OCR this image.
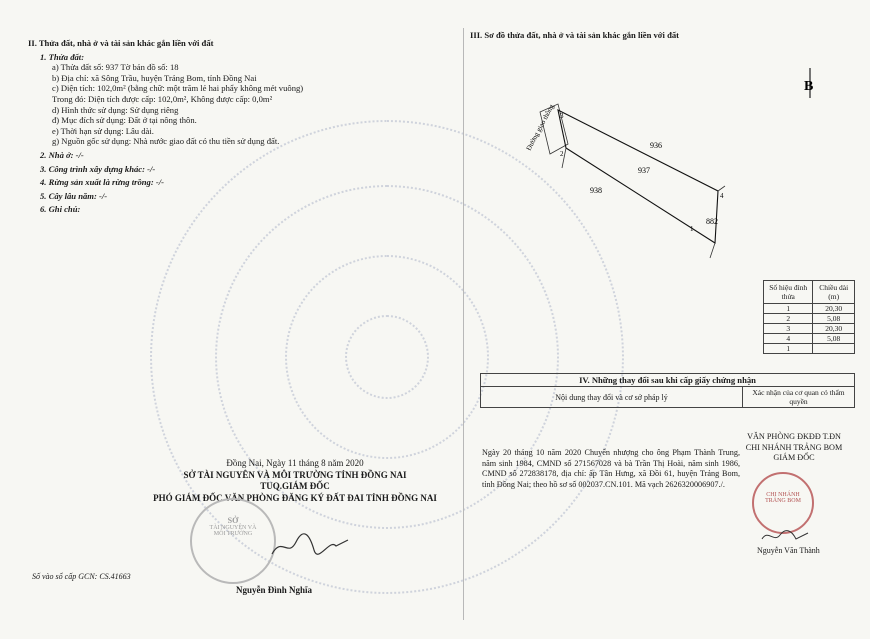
II. Thửa đất, nhà ở và tài sản khác gắn liền với đất
1. Thửa đất:
a) Thửa đất số: 937 Tờ bản đồ số: 18
b) Địa chỉ: xã Sông Trầu, huyện Trảng Bom, tỉnh Đồng Nai
c) Diện tích: 102,0m² (bằng chữ: một trăm lẻ hai phẩy không mét vuông)
Trong đó: Diện tích được cấp: 102,0m², Không được cấp: 0,0m²
d) Hình thức sử dụng: Sử dụng riêng
đ) Mục đích sử dụng: Đất ở tại nông thôn.
e) Thời hạn sử dụng: Lâu dài.
g) Nguồn gốc sử dụng: Nhà nước giao đất có thu tiền sử dụng đất.
2. Nhà ở: -/-
3. Công trình xây dựng khác: -/-
4. Rừng sản xuất là rừng trồng: -/-
5. Cây lâu năm: -/-
6. Ghi chú:
Đồng Nai, Ngày 11 tháng 8 năm 2020
SỞ TÀI NGUYÊN VÀ MÔI TRƯỜNG TỈNH ĐỒNG NAI
TUQ.GIÁM ĐỐC
PHÓ GIÁM ĐỐC VĂN PHÒNG ĐĂNG KÝ ĐẤT ĐAI TỈNH ĐỒNG NAI
SỞ
TÀI NGUYÊN VÀ
MÔI TRƯỜNG
Số vào sổ cấp GCN: CS.41663
Nguyễn Đình Nghĩa
III. Sơ đồ thửa đất, nhà ở và tài sản khác gắn liền với đất
B
Đường giao thông
938
937
936
882
2
3
4
1
Số hiệu đỉnh thửa	Chiều dài (m)
1	20,30
2	5,08
3	20,30
4	5,08
1	
IV. Những thay đổi sau khi cấp giấy chứng nhận
Nội dung thay đổi và cơ sở pháp lý	Xác nhận của cơ quan có thẩm quyền
Ngày 20 tháng 10 năm 2020 Chuyển nhượng cho ông Phạm Thành Trung, năm sinh 1984, CMND số 271567028 và bà Trần Thị Hoài, năm sinh 1986, CMND số 272838178, địa chỉ: ấp Tân Hưng, xã Đồi 61, huyện Trảng Bom, tỉnh Đồng Nai; theo hồ sơ số 002037.CN.101. Mã vạch 2626320006907./.
VĂN PHÒNG ĐKĐĐ T.ĐN
CHI NHÁNH TRẢNG BOM
GIÁM ĐỐC
CHI NHÁNH
TRẢNG BOM
Nguyễn Văn Thành
